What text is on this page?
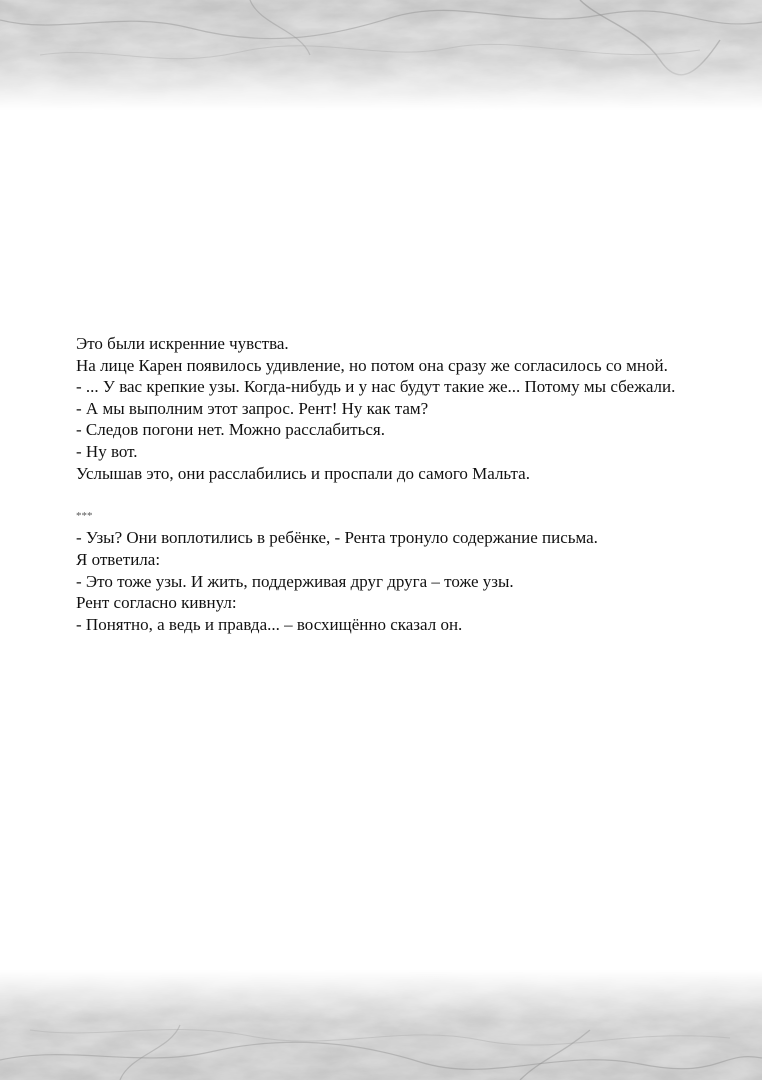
Это были искренние чувства.

На лице Карен появилось удивление, но потом она сразу же согласилось со мной.

- ... У вас крепкие узы. Когда-нибудь и у нас будут такие же... Потому мы сбежали.

- А мы выполним этот запрос. Рент! Ну как там?

- Следов погони нет. Можно расслабиться.

- Ну вот.

Услышав это, они расслабились и проспали до самого Мальта.

***

- Узы? Они воплотились в ребёнке, - Рента тронуло содержание письма.

Я ответила:

- Это тоже узы. И жить, поддерживая друг друга – тоже узы.

Рент согласно кивнул:

- Понятно, а ведь и правда... – восхищённо сказал он.
